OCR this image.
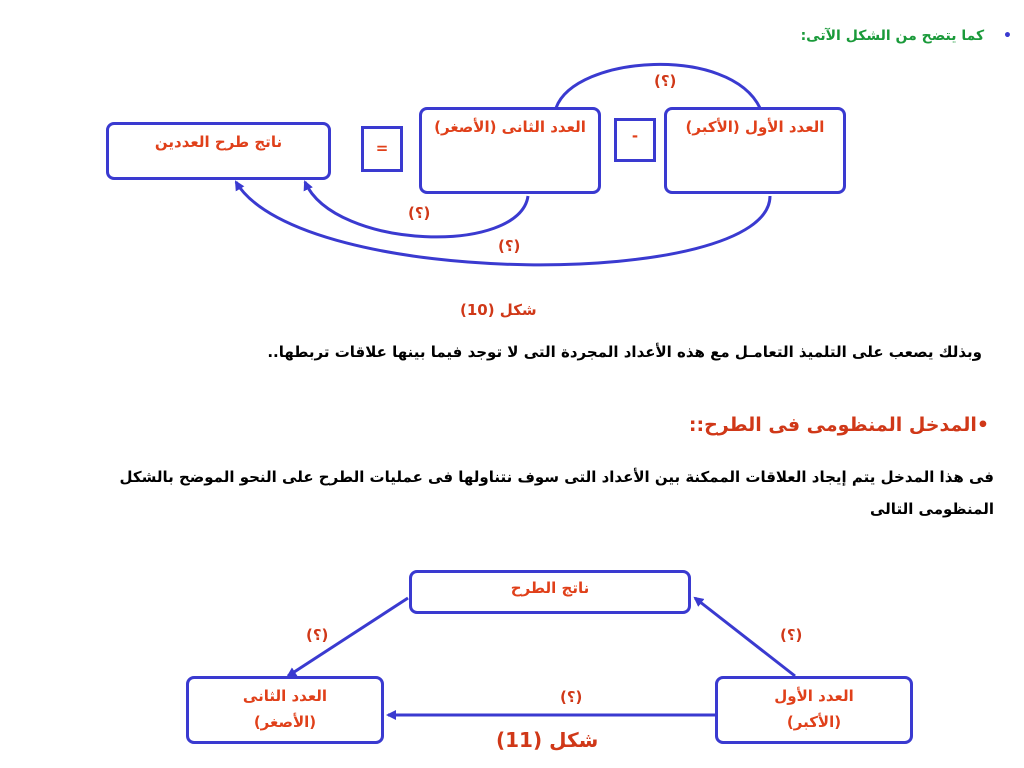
• كما يتضح من الشكل الآتى:
العدد الأول (الأكبر)
العدد الثانى (الأصغر)
ناتج طرح العددين	-
=
(؟)
(؟)
(؟)
شكل (10)
وبذلك يصعب على التلميذ التعامـل مع هذه الأعداد المجردة التى لا توجد فيما بينها علاقات تربطها..
•المدخل المنظومى فى الطرح::
فى هذا المدخل يتم إيجاد العلاقات الممكنة بين الأعداد التى سوف نتناولها فى عمليات الطرح على النحو الموضح بالشكل
المنظومى التالى
ناتج الطرح
العدد الثانى
(الأصغر)
العدد الأول
(الأكبر)
(؟)	(؟)
(؟)
شكل (11)
